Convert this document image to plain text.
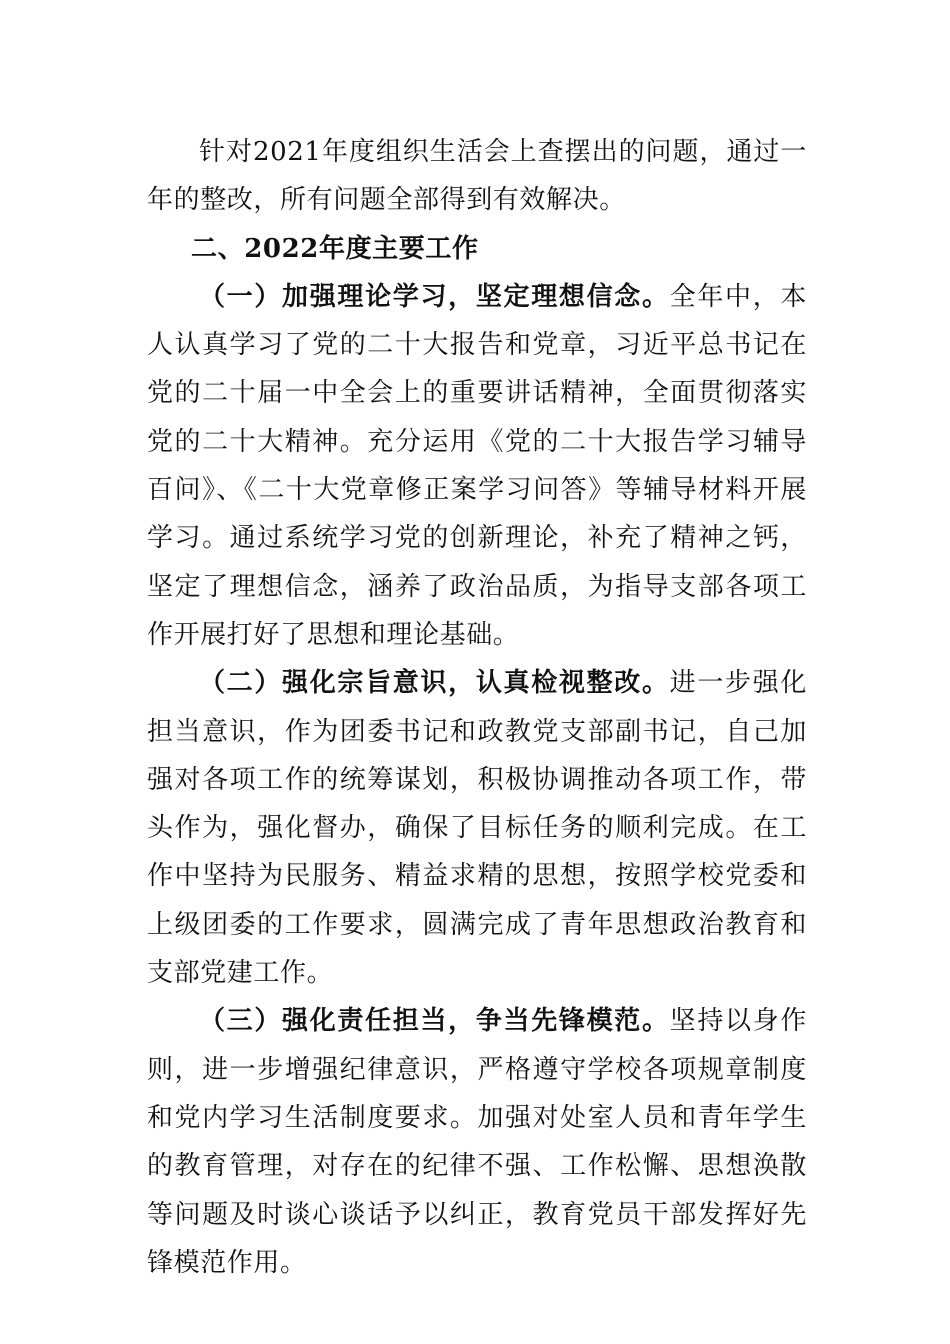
针对2021年度组织生活会上查摆出的问题，通过一年的整改，所有问题全部得到有效解决。

二、2022年度主要工作

（一）加强理论学习，坚定理想信念。全年中，本人认真学习了党的二十大报告和党章，习近平总书记在党的二十届一中全会上的重要讲话精神，全面贯彻落实党的二十大精神。充分运用《党的二十大报告学习辅导百问》、《二十大党章修正案学习问答》等辅导材料开展学习。通过系统学习党的创新理论，补充了精神之钙，坚定了理想信念，涵养了政治品质，为指导支部各项工作开展打好了思想和理论基础。

（二）强化宗旨意识，认真检视整改。进一步强化担当意识，作为团委书记和政教党支部副书记，自己加强对各项工作的统筹谋划，积极协调推动各项工作，带头作为，强化督办，确保了目标任务的顺利完成。在工作中坚持为民服务、精益求精的思想，按照学校党委和上级团委的工作要求，圆满完成了青年思想政治教育和支部党建工作。

（三）强化责任担当，争当先锋模范。坚持以身作则，进一步增强纪律意识，严格遵守学校各项规章制度和党内学习生活制度要求。加强对处室人员和青年学生的教育管理，对存在的纪律不强、工作松懈、思想涣散等问题及时谈心谈话予以纠正，教育党员干部发挥好先锋模范作用。
